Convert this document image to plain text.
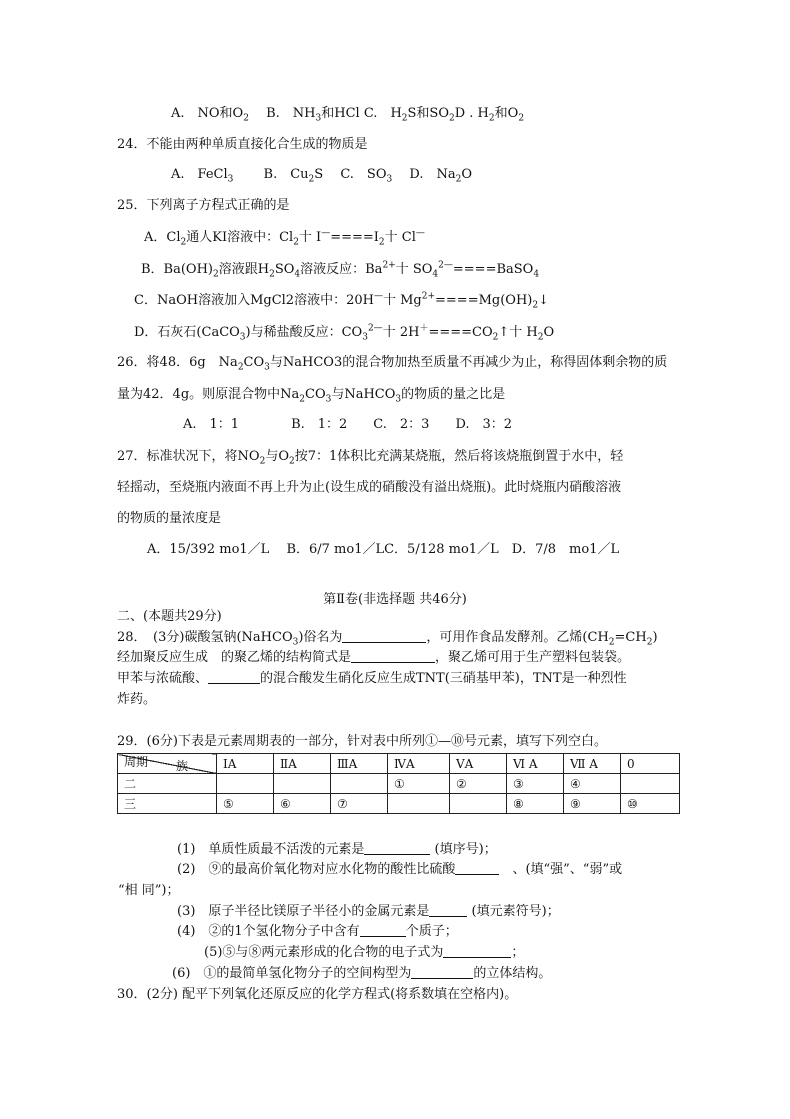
A.　NO和$O_2$　 B.　$NH_3$和HCl C.　$H_2S$和$SO_2D$ . $H_2$和$O_2$
24．不能由两种单质直接化合生成的物质是
A.　FeCl$_3$　　 B.　$Cu_2S$　 C.　$SO_3$　 D.　$Na_2O$
25．下列离子方程式正确的是
A．$Cl_2$通人KI溶液中：$Cl_2$十 $I^—====I_2$十 Cl—
B．$Ba(OH)_2$溶液跟$H_2SO_4$溶液反应：$Ba^{2+}$十 $SO_4^{2—}====BaSO_4$
C．NaOH溶液加入MgCl2溶液中：20H—十 $Mg^{2+}====Mg(OH)_2↓$
D．石灰石(CaCO$_3$)与稀盐酸反应：$CO_3^{2—}$十 $2H^+====CO_2↑$十 $H_2O$
26．将48．6g　$Na_2CO_3$与NaHCO3的混合物加热至质量不再减少为止，称得固体剩余物的质
量为42．4g。则原混合物中$Na_2CO_3$与NaHCO$_3$的物质的量之比是
A.　1：1　　　　B.　1：2　　C.　2：3　　D.　3：2
27．标准状况下，将$NO_2$与$O_2$按7：1体积比充满某烧瓶，然后将该烧瓶倒置于水中，轻
轻摇动，至烧瓶内液面不再上升为止(设生成的硝酸没有溢出烧瓶)。此时烧瓶内硝酸溶液
的物质的量浓度是
A．15/392 mo1／L　 B．6/7 mo1／LC．5/128 mo1／L　D．7/8　mo1／L
第Ⅱ卷(非选择题 共46分)
二、(本题共29分)
28．　(3分)碳酸氢钠(NaHCO$_3$)俗名为	，可用作食品发酵剂。乙烯$(CH_2=CH_2)$
经加聚反应生成　的聚乙烯的结构简式是	，聚乙烯可用于生产塑料包装袋。
甲苯与浓硫酸、	的混合酸发生硝化反应生成TNT(三硝基甲苯)，TNT是一种烈性
炸药。
29．(6分)下表是元素周期表的一部分，针对表中所列①—⑩号元素，填写下列空白。
族
周期	ⅠA	ⅡA	ⅢA	ⅣA	ⅤA	Ⅵ A	Ⅶ A	0
二				①	②	③	④	
三	⑤	⑥	⑦			⑧	⑨	⑩
(1)　单质性质最不活泼的元素是	(填序号)；
(2)　⑨的最高价氧化物对应水化物的酸性比硫酸　	、(填“强”、“弱”或
“相 同”)；
(3)　原子半径比镁原子半径小的金属元素是	(填元素符号)；
(4)　②的1个氢化物分子中含有	个质子；
(5)⑤与⑧两元素形成的化合物的电子式为	；
(6)　①的最简单氢化物分子的空间构型为	的立体结构。
30．(2分) 配平下列氧化还原反应的化学方程式(将系数填在空格内)。
